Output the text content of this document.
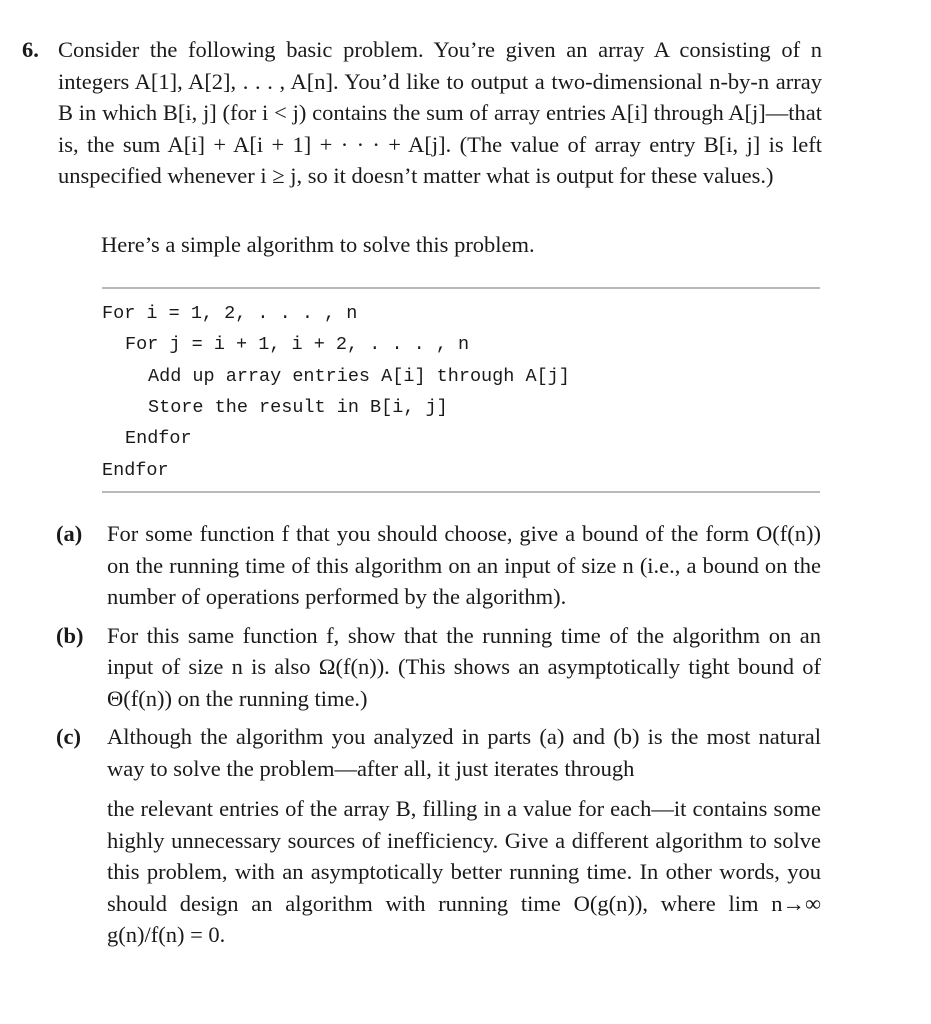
6. Consider the following basic problem. You’re given an array A consisting of n integers A[1], A[2], . . . , A[n]. You’d like to output a two-dimensional n-by-n array B in which B[i, j] (for i < j) contains the sum of array entries A[i] through A[j]—that is, the sum A[i] + A[i + 1] + · · · + A[j]. (The value of array entry B[i, j] is left unspecified whenever i ≥ j, so it doesn’t matter what is output for these values.)
Here’s a simple algorithm to solve this problem.
For i = 1, 2, . . . , n
For j = i + 1, i + 2, . . . , n
Add up array entries A[i] through A[j]
Store the result in B[i, j]
Endfor
Endfor
(a) For some function f that you should choose, give a bound of the form O(f(n)) on the running time of this algorithm on an input of size n (i.e., a bound on the number of operations performed by the algorithm).
(b) For this same function f, show that the running time of the algorithm on an input of size n is also Ω(f(n)). (This shows an asymptotically tight bound of Θ(f(n)) on the running time.)
(c) Although the algorithm you analyzed in parts (a) and (b) is the most natural way to solve the problem—after all, it just iterates through
the relevant entries of the array B, filling in a value for each—it contains some highly unnecessary sources of inefficiency. Give a different algorithm to solve this problem, with an asymptotically better running time. In other words, you should design an algorithm with running time O(g(n)), where lim n→∞ g(n)/f(n) = 0.
